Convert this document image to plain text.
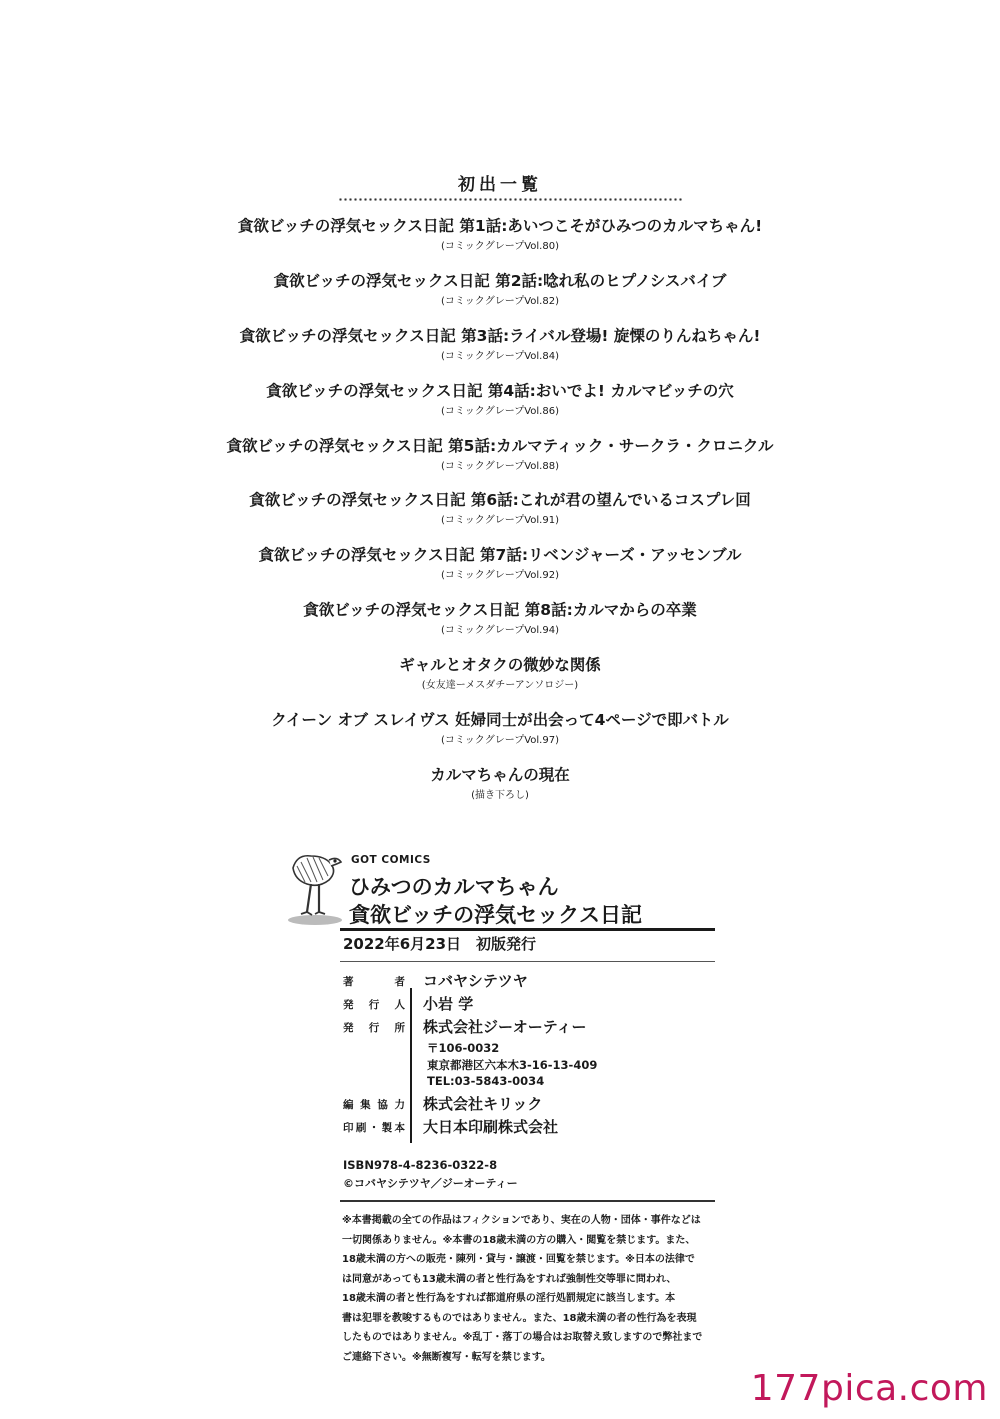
初出一覧
貪欲ビッチの浮気セックス日記 第1話:あいつこそがひみつのカルマちゃん!
(コミックグレープVol.80)
貪欲ビッチの浮気セックス日記 第2話:唸れ私のヒプノシスバイブ
(コミックグレープVol.82)
貪欲ビッチの浮気セックス日記 第3話:ライバル登場! 旋慄のりんねちゃん!
(コミックグレープVol.84)
貪欲ビッチの浮気セックス日記 第4話:おいでよ! カルマビッチの穴
(コミックグレープVol.86)
貪欲ビッチの浮気セックス日記 第5話:カルマティック・サークラ・クロニクル
(コミックグレープVol.88)
貪欲ビッチの浮気セックス日記 第6話:これが君の望んでいるコスプレ回
(コミックグレープVol.91)
貪欲ビッチの浮気セックス日記 第7話:リベンジャーズ・アッセンブル
(コミックグレープVol.92)
貪欲ビッチの浮気セックス日記 第8話:カルマからの卒業
(コミックグレープVol.94)
ギャルとオタクの微妙な関係
(女友達ーメスダチーアンソロジー)
クイーン オブ スレイヴス 妊婦同士が出会って4ページで即バトル
(コミックグレープVol.97)
カルマちゃんの現在
(描き下ろし)
GOT COMICS
ひみつのカルマちゃん
貪欲ビッチの浮気セックス日記
2022年6月23日　初版発行
著者 コバヤシテツヤ
発行人 小岩 学
発行所 株式会社ジーオーティー
〒106-0032
東京都港区六本木3-16-13-409
TEL:03-5843-0034
編集協力 株式会社キリック
印刷・製本 大日本印刷株式会社
ISBN978-4-8236-0322-8
©コバヤシテツヤ／ジーオーティー
※本書掲載の全ての作品はフィクションであり、実在の人物・団体・事件などは
一切関係ありません。※本書の18歳未満の方の購入・閲覧を禁じます。また、
18歳未満の方への販売・陳列・貸与・譲渡・回覧を禁じます。※日本の法律で
は同意があっても13歳未満の者と性行為をすれば強制性交等罪に問われ、
18歳未満の者と性行為をすれば都道府県の淫行処罰規定に該当します。本
書は犯罪を教唆するものではありません。また、18歳未満の者の性行為を表現
したものではありません。※乱丁・落丁の場合はお取替え致しますので弊社まで
ご連絡下さい。※無断複写・転写を禁じます。
177pica.com
